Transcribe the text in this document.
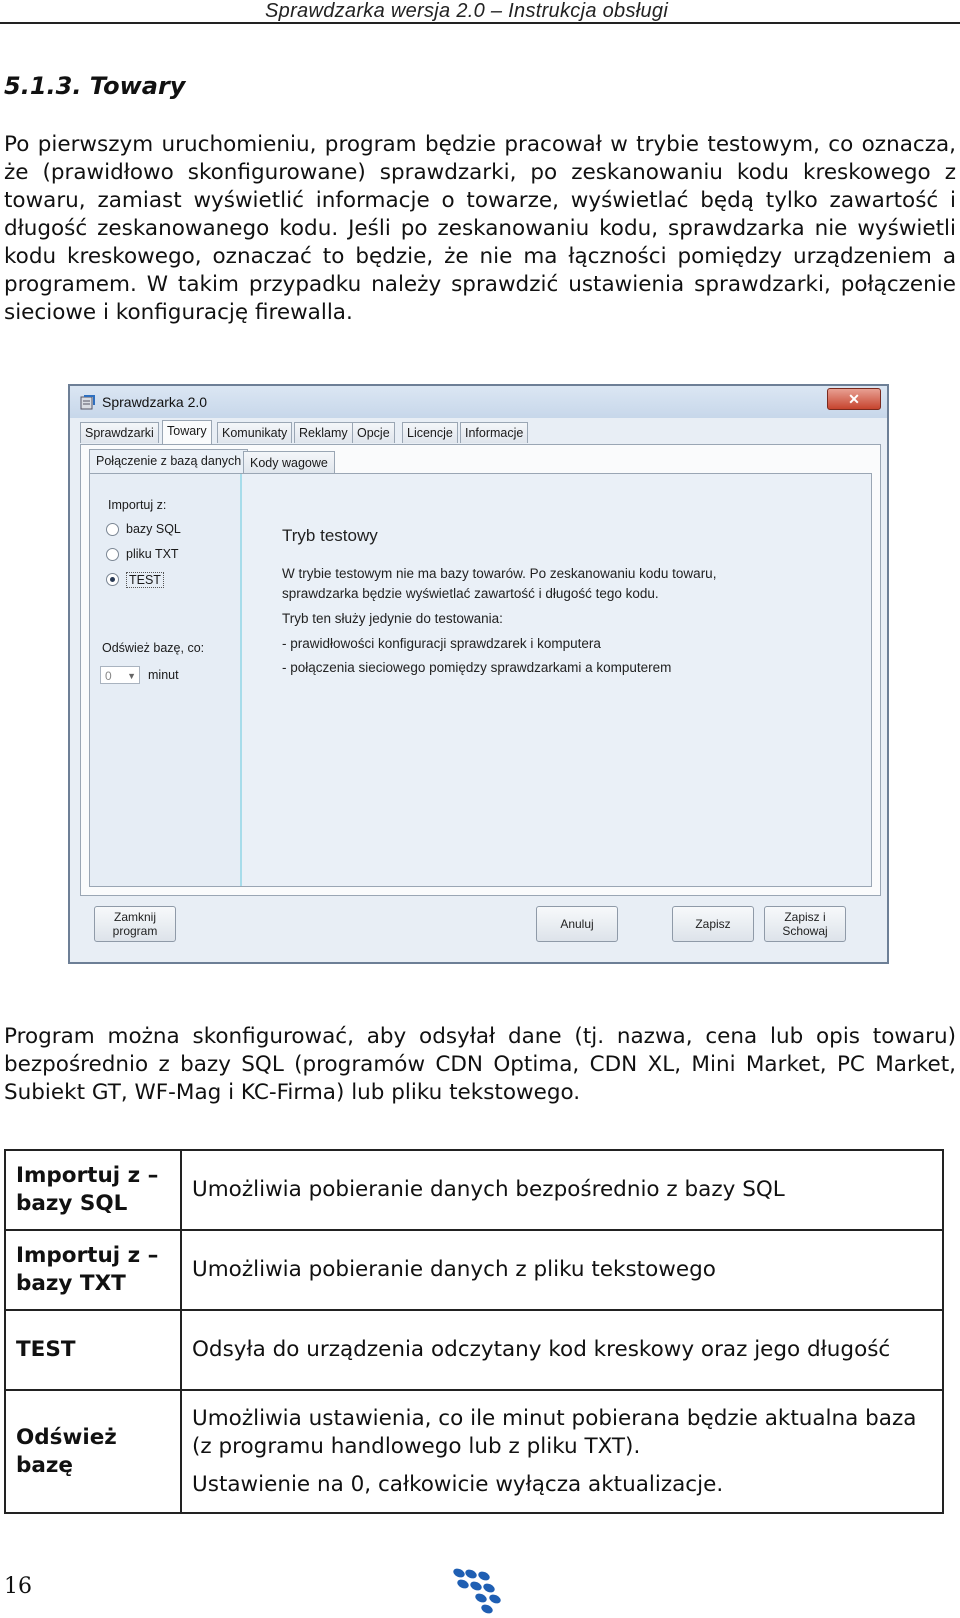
Sprawdzarka wersja 2.0 – Instrukcja obsługi
5.1.3. Towary

Po pierwszym uruchomieniu, program będzie pracował w trybie testowym, co oznacza, że (prawidłowo skonfigurowane) sprawdzarki, po zeskanowaniu kodu kreskowego z towaru, zamiast wyświetlić informacje o towarze, wyświetlać będą tylko zawartość i długość zeskanowanego kodu. Jeśli po zeskanowaniu kodu, sprawdzarka nie wyświetli kodu kreskowego, oznaczać to będzie, że nie ma łączności pomiędzy urządzeniem a programem. W takim przypadku należy sprawdzić ustawienia sprawdzarki, połączenie sieciowe i konfigurację firewalla.

Sprawdzarka 2.0	✕
Sprawdzarki	Towary	Komunikaty Reklamy Opcje	Licencje Informacje
Połączenie z bazą danych Kody wagowe
Importuj z:
bazy SQL
pliku TXT
TEST
Odśwież bazę, co:
0 ▼ minut
Tryb testowy
W trybie testowym nie ma bazy towarów. Po zeskanowaniu kodu towaru,
sprawdzarka będzie wyświetlać zawartość i długość tego kodu.
Tryb ten służy jedynie do testowania:
- prawidłowości konfiguracji sprawdzarek i komputera
- połączenia sieciowego pomiędzy sprawdzarkami a komputerem
Zamknij program	Anuluj	Zapisz	Zapisz i Schowaj

Program można skonfigurować, aby odsyłał dane (tj. nazwa, cena lub opis towaru) bezpośrednio z bazy SQL (programów CDN Optima, CDN XL, Mini Market, PC Market, Subiekt GT, WF-Mag i KC-Firma) lub pliku tekstowego.

Importuj z – bazy SQL	Umożliwia pobieranie danych bezpośrednio z bazy SQL
Importuj z – bazy TXT	Umożliwia pobieranie danych z pliku tekstowego
TEST	Odsyła do urządzenia odczytany kod kreskowy oraz jego długość
Odśwież bazę	Umożliwia ustawienia, co ile minut pobierana będzie aktualna baza (z programu handlowego lub z pliku TXT).
Ustawienie na 0, całkowicie wyłącza aktualizacje.
16
